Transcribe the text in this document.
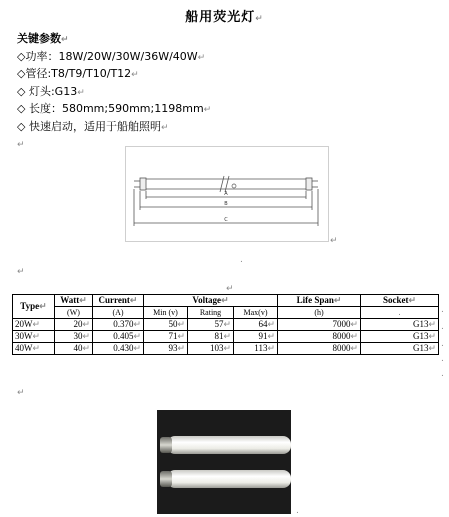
船用荧光灯↵
关键参数↵
◇功率：18W/20W/30W/36W/40W↵
◇管径:T8/T9/T10/T12↵
◇ 灯头:G13↵
◇ 长度：580mm;590mm;1198mm↵
◇ 快速启动，适用于船舶照明↵
↵
A
B
C
↵
.
↵
↵
Type↵	Watt↵	Current↵	Voltage↵			Life Span↵	Socket↵
	(W)	(A)	Min (v)	Rating	Max(v)	(h)	.
20W↵	20↵	0.370↵	50↵	57↵	64↵	7000↵	G13↵
30W↵	30↵	0.405↵	71↵	81↵	91↵	8000↵	G13↵
40W↵	40↵	0.430↵	93↵	103↵	113↵	8000↵	G13↵
.
.
.
.
.
↵
.
